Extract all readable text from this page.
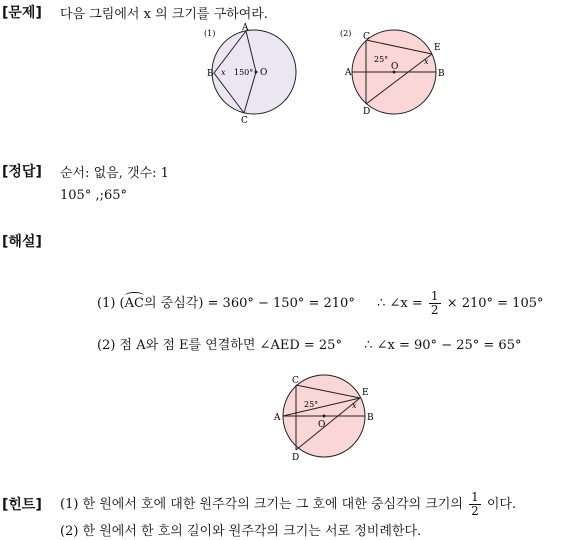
[문제] 다음 그림에서 x 의 크기를 구하여라.
(1)
A
B
C
O
x 150°
(2) C
E
A	B
O
D
25°	x
[정답] 순서: 없음, 갯수: 1
105° ,;65°
[해설]
(1) (AC의 중심각) = 360° − 150° = 210° ∴ ∠x = $\frac{1}{2} \times 210^\circ = 105^\circ$
(2) 점 A와 점 E를 연결하면 ∠AED = 25° ∴ ∠x = 90° − 25° = 65°
C
E
A	B
O
D
25°	x
[힌트] (1) 한 원에서 호에 대한 원주각의 크기는 그 호에 대한 중심각의 크기의 $\frac{1}{2}$ 이다.
(2) 한 원에서 한 호의 길이와 원주각의 크기는 서로 정비례한다.
